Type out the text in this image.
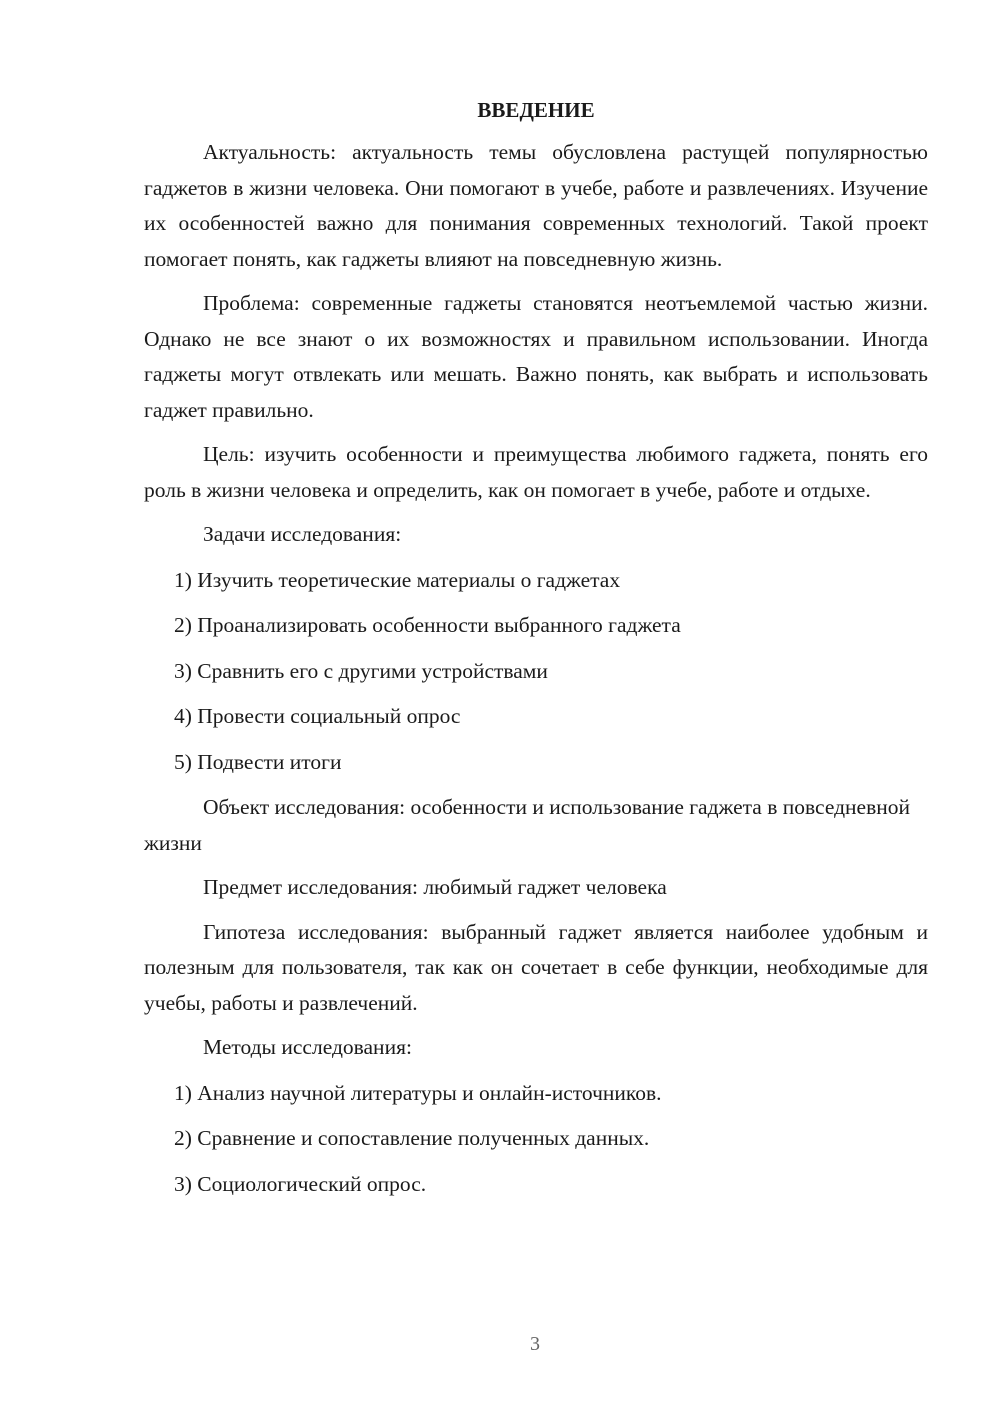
ВВЕДЕНИЕ

Актуальность: актуальность темы обусловлена растущей популярностью гаджетов в жизни человека. Они помогают в учебе, работе и развлечениях. Изучение их особенностей важно для понимания современных технологий. Такой проект помогает понять, как гаджеты влияют на повседневную жизнь.

Проблема: современные гаджеты становятся неотъемлемой частью жизни. Однако не все знают о их возможностях и правильном использовании. Иногда гаджеты могут отвлекать или мешать. Важно понять, как выбрать и использовать гаджет правильно.

Цель: изучить особенности и преимущества любимого гаджета, понять его роль в жизни человека и определить, как он помогает в учебе, работе и отдыхе.

Задачи исследования:

1) Изучить теоретические материалы о гаджетах

2) Проанализировать особенности выбранного гаджета

3) Сравнить его с другими устройствами

4) Провести социальный опрос

5) Подвести итоги

Объект исследования: особенности и использование гаджета в повседневной жизни

Предмет исследования: любимый гаджет человека

Гипотеза исследования: выбранный гаджет является наиболее удобным и полезным для пользователя, так как он сочетает в себе функции, необходимые для учебы, работы и развлечений.

Методы исследования:

1) Анализ научной литературы и онлайн-источников.

2) Сравнение и сопоставление полученных данных.

3) Социологический опрос.

3
